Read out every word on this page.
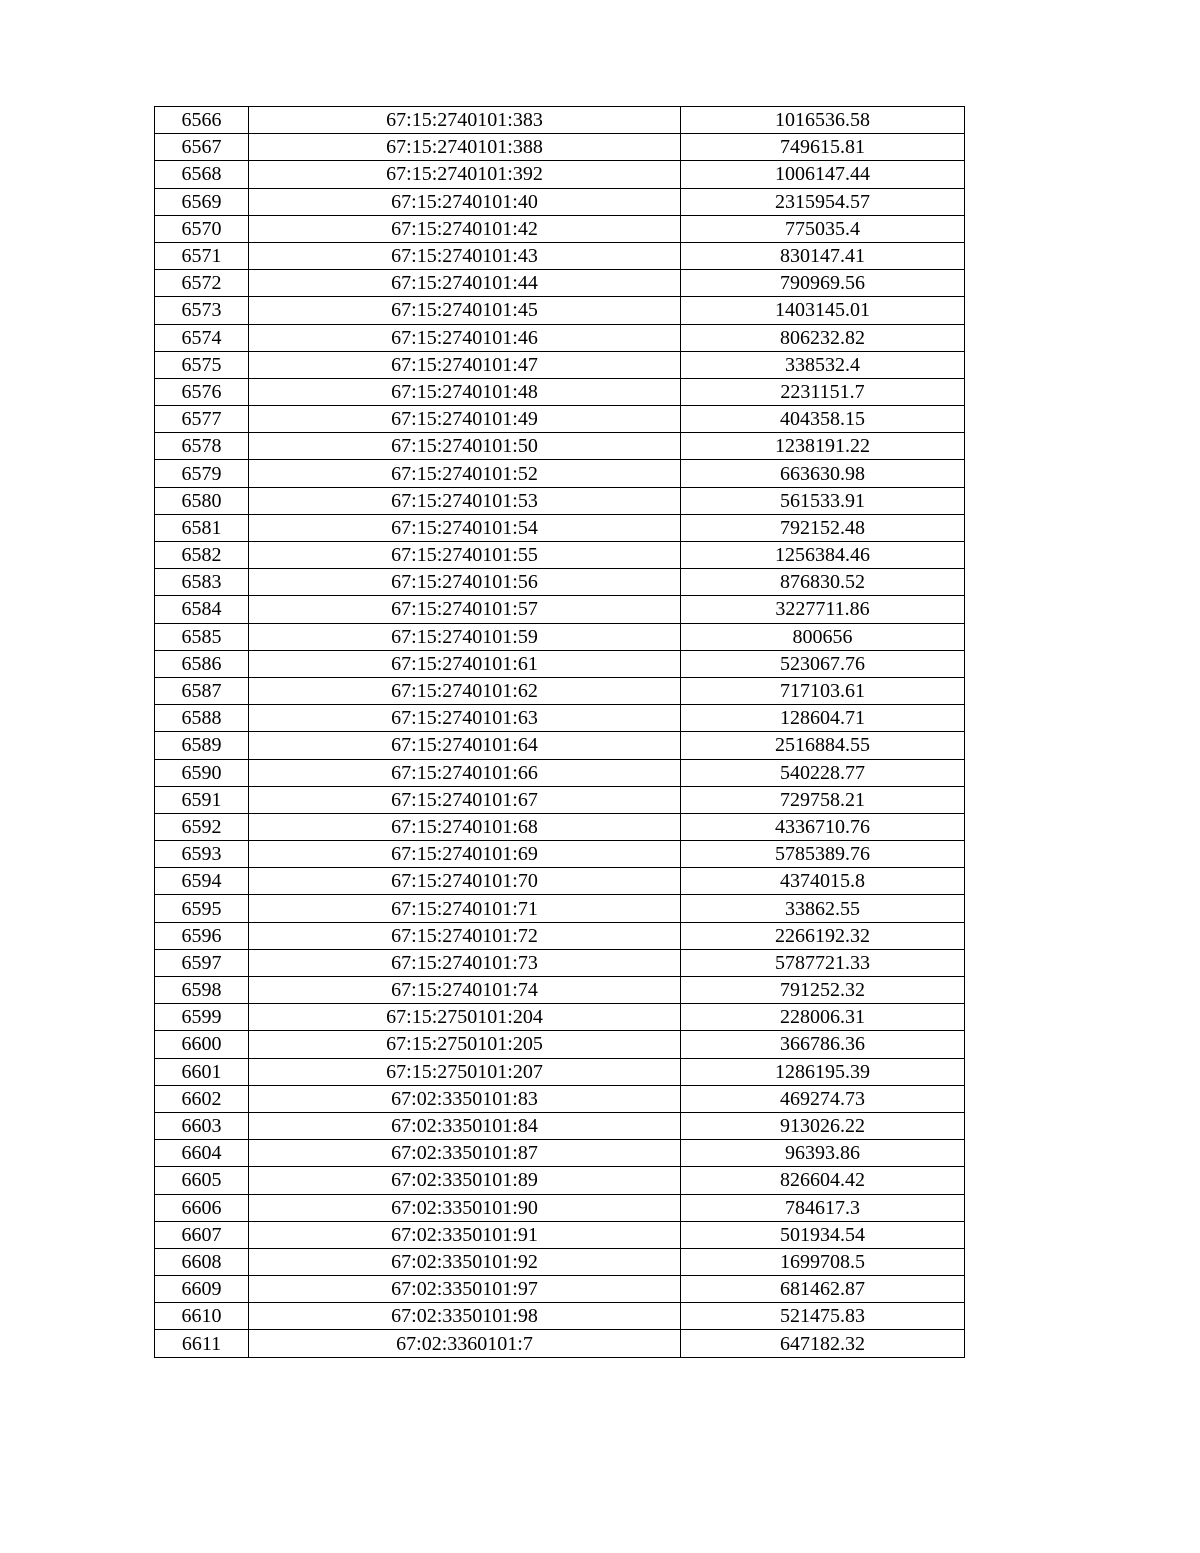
6566	67:15:2740101:383	1016536.58
6567	67:15:2740101:388	749615.81
6568	67:15:2740101:392	1006147.44
6569	67:15:2740101:40	2315954.57
6570	67:15:2740101:42	775035.4
6571	67:15:2740101:43	830147.41
6572	67:15:2740101:44	790969.56
6573	67:15:2740101:45	1403145.01
6574	67:15:2740101:46	806232.82
6575	67:15:2740101:47	338532.4
6576	67:15:2740101:48	2231151.7
6577	67:15:2740101:49	404358.15
6578	67:15:2740101:50	1238191.22
6579	67:15:2740101:52	663630.98
6580	67:15:2740101:53	561533.91
6581	67:15:2740101:54	792152.48
6582	67:15:2740101:55	1256384.46
6583	67:15:2740101:56	876830.52
6584	67:15:2740101:57	3227711.86
6585	67:15:2740101:59	800656
6586	67:15:2740101:61	523067.76
6587	67:15:2740101:62	717103.61
6588	67:15:2740101:63	128604.71
6589	67:15:2740101:64	2516884.55
6590	67:15:2740101:66	540228.77
6591	67:15:2740101:67	729758.21
6592	67:15:2740101:68	4336710.76
6593	67:15:2740101:69	5785389.76
6594	67:15:2740101:70	4374015.8
6595	67:15:2740101:71	33862.55
6596	67:15:2740101:72	2266192.32
6597	67:15:2740101:73	5787721.33
6598	67:15:2740101:74	791252.32
6599	67:15:2750101:204	228006.31
6600	67:15:2750101:205	366786.36
6601	67:15:2750101:207	1286195.39
6602	67:02:3350101:83	469274.73
6603	67:02:3350101:84	913026.22
6604	67:02:3350101:87	96393.86
6605	67:02:3350101:89	826604.42
6606	67:02:3350101:90	784617.3
6607	67:02:3350101:91	501934.54
6608	67:02:3350101:92	1699708.5
6609	67:02:3350101:97	681462.87
6610	67:02:3350101:98	521475.83
6611	67:02:3360101:7	647182.32
